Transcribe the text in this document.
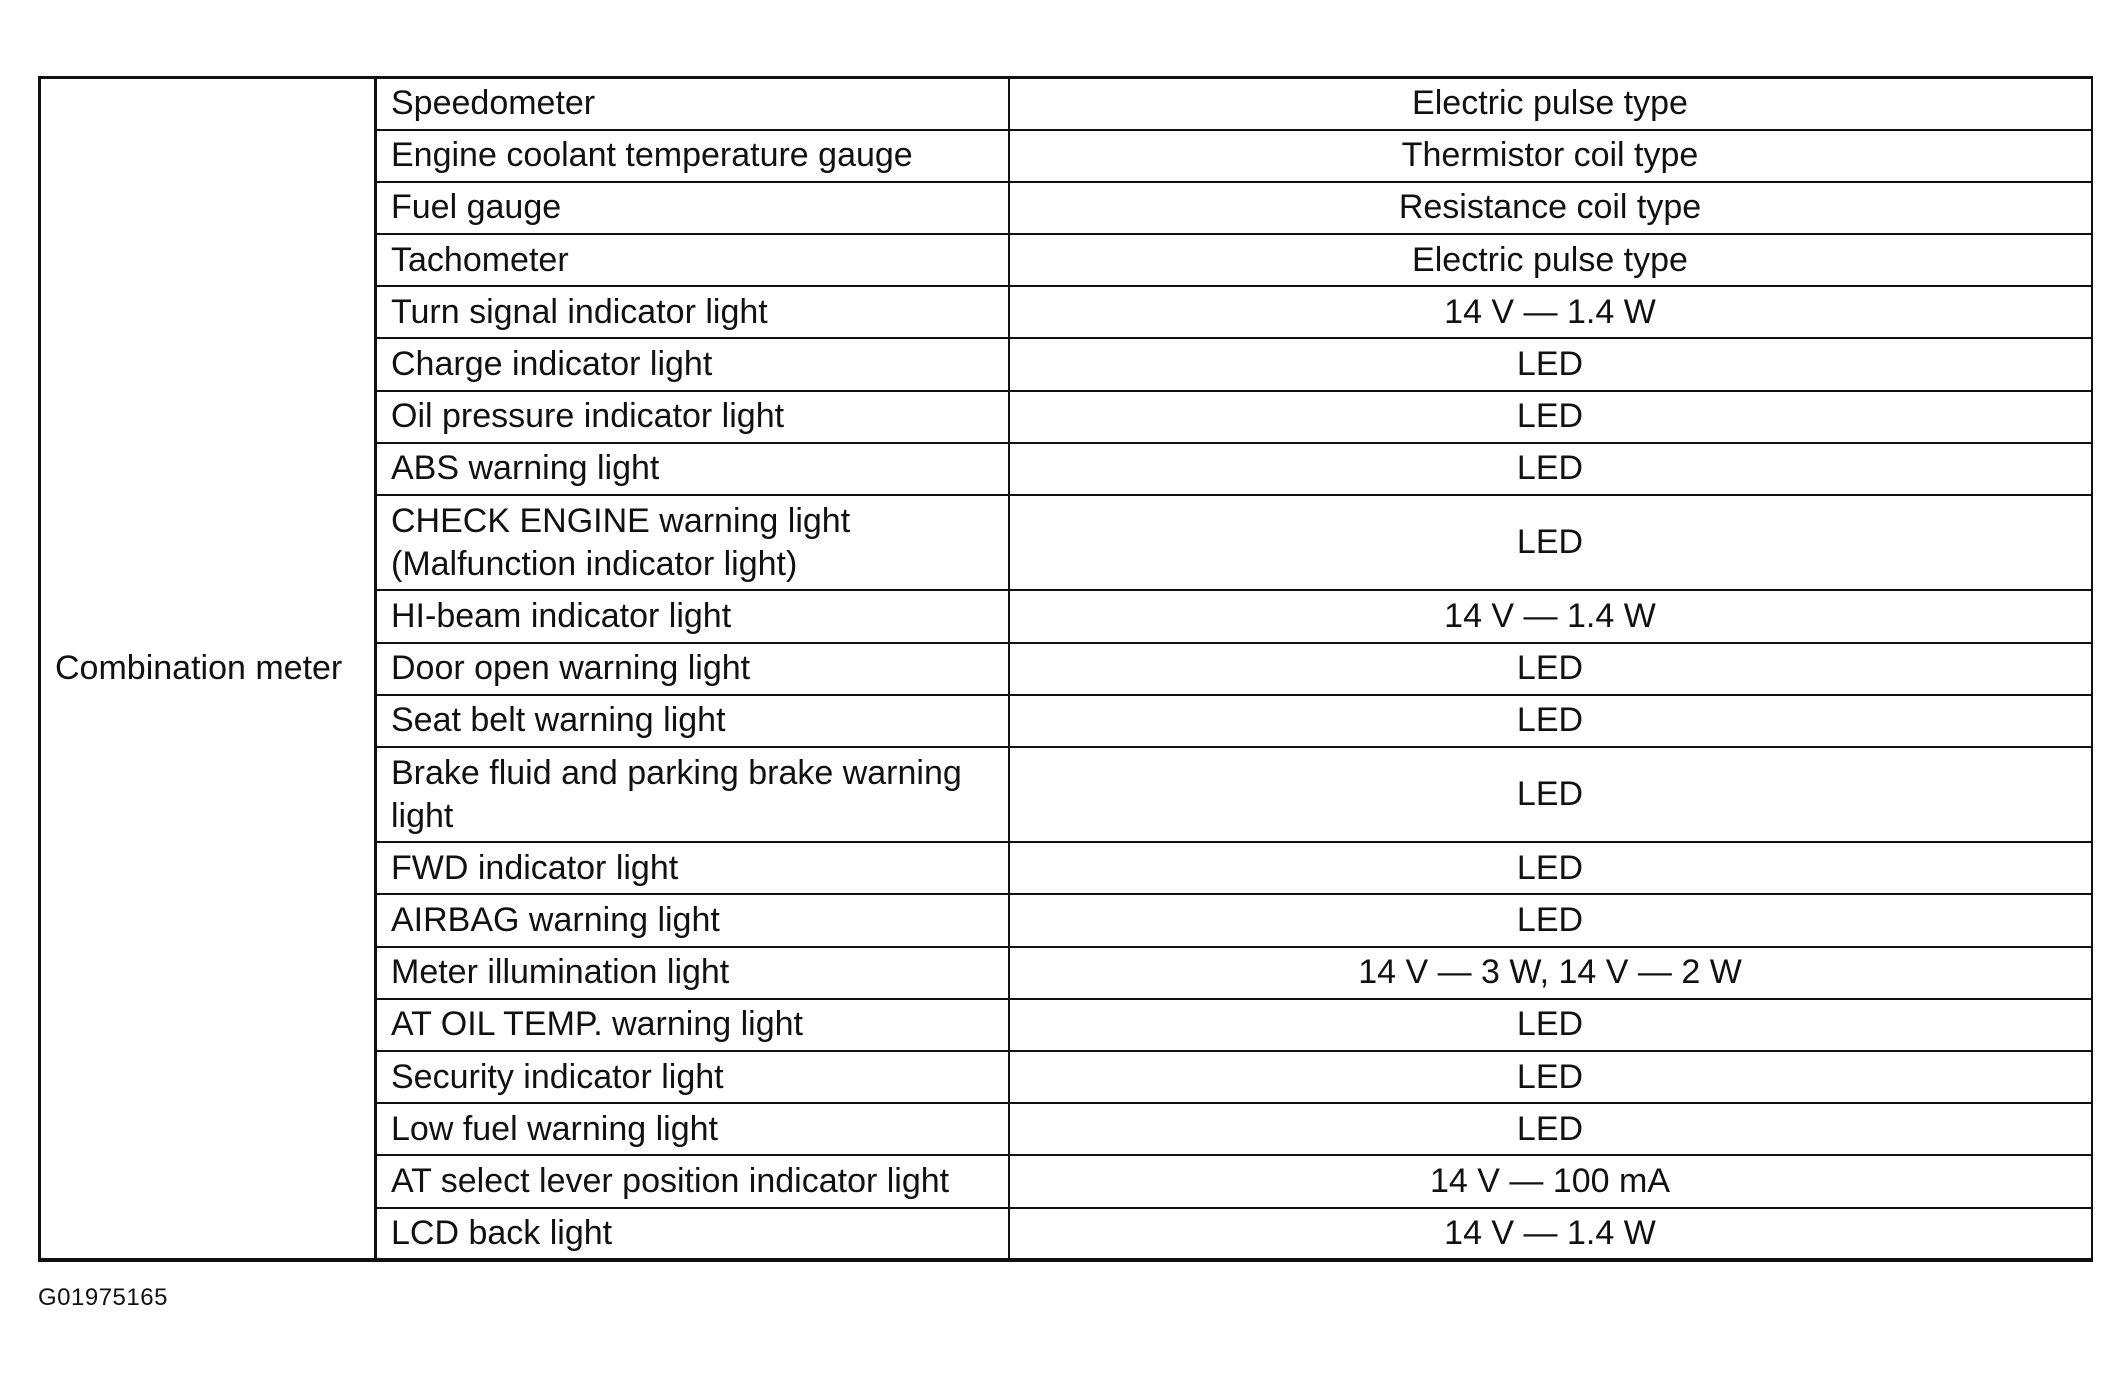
Combination meter	Speedometer	Electric pulse type
	Engine coolant temperature gauge	Thermistor coil type
	Fuel gauge	Resistance coil type
	Tachometer	Electric pulse type
	Turn signal indicator light	14 V — 1.4 W
	Charge indicator light	LED
	Oil pressure indicator light	LED
	ABS warning light	LED
	CHECK ENGINE warning light (Malfunction indicator light)	LED
	HI-beam indicator light	14 V — 1.4 W
	Door open warning light	LED
	Seat belt warning light	LED
	Brake fluid and parking brake warning light	LED
	FWD indicator light	LED
	AIRBAG warning light	LED
	Meter illumination light	14 V — 3 W, 14 V — 2 W
	AT OIL TEMP. warning light	LED
	Security indicator light	LED
	Low fuel warning light	LED
	AT select lever position indicator light	14 V — 100 mA
	LCD back light	14 V — 1.4 W
G01975165
